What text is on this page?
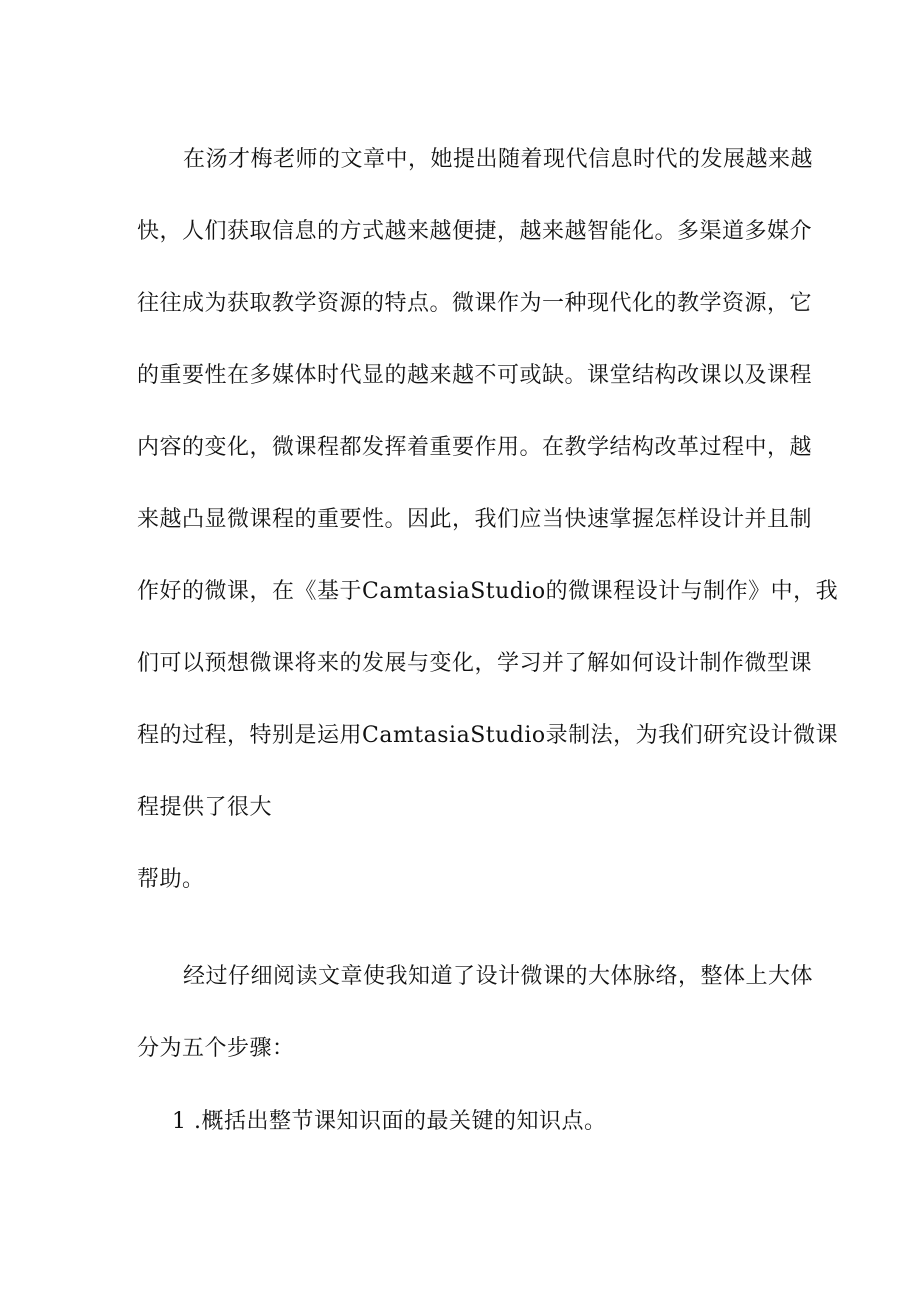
在汤才梅老师的文章中，她提出随着现代信息时代的发展越来越
快，人们获取信息的方式越来越便捷，越来越智能化。多渠道多媒介
往往成为获取教学资源的特点。微课作为一种现代化的教学资源，它
的重要性在多媒体时代显的越来越不可或缺。课堂结构改课以及课程
内容的变化，微课程都发挥着重要作用。在教学结构改革过程中，越
来越凸显微课程的重要性。因此，我们应当快速掌握怎样设计并且制
作好的微课，在《基于CamtasiaStudio的微课程设计与制作》中，我
们可以预想微课将来的发展与变化，学习并了解如何设计制作微型课
程的过程，特别是运用CamtasiaStudio录制法，为我们研究设计微课
程提供了很大
帮助。
经过仔细阅读文章使我知道了设计微课的大体脉络，整体上大体
分为五个步骤：
1 .概括出整节课知识面的最关键的知识点。
